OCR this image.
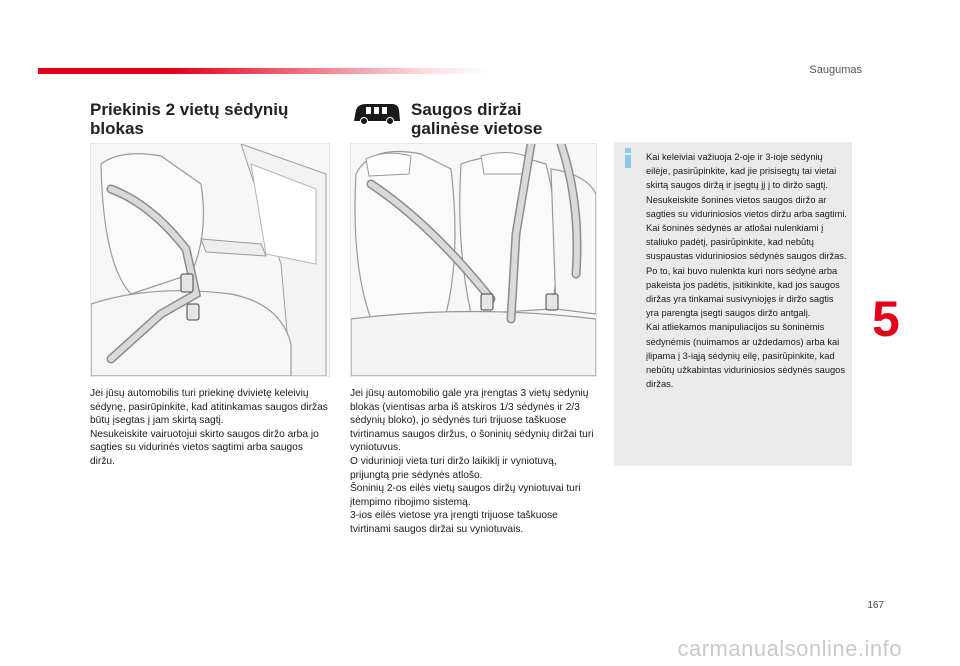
Saugumas
Priekinis 2 vietų sėdynių
blokas

Jei jūsų automobilis turi priekinę dvivietę keleivių sėdynę, pasirūpinkite, kad atitinkamas saugos diržas būtų įsegtas į jam skirtą sagtį.

Nesukeiskite vairuotojui skirto saugos diržo arba jo sagties su vidurinės vietos sagtimi arba saugos diržu.

Saugos diržai
galinėse vietose

Jei jūsų automobilio gale yra įrengtas 3 vietų sėdynių blokas (vientisas arba iš atskiros 1/3 sėdynės ir 2/3 sėdynių bloko), jo sėdynės turi trijuose taškuose tvirtinamus saugos diržus, o šoninių sėdynių diržai turi vyniotuvus.

O vidurinioji vieta turi diržo laikiklį ir vyniotuvą, prijungtą prie sėdynės atlošo.

Šoninių 2-os eilės vietų saugos diržų vyniotuvai turi įtempimo ribojimo sistemą.

3-ios eilės vietose yra įrengti trijuose taškuose tvirtinami saugos diržai su vyniotuvais.

Kai keleiviai važiuoja 2-oje ir 3-ioje sėdynių eilėje, pasirūpinkite, kad jie prisisegtų tai vietai skirtą saugos diržą ir įsegtų jį į to diržo sagtį.

Nesukeiskite šoninės vietos saugos diržo ar sagties su viduriniosios vietos diržu arba sagtimi.

Kai šoninės sėdynės ar atlošai nulenkiami į staliuko padėtį, pasirūpinkite, kad nebūtų suspaustas viduriniosios sėdynės saugos diržas.

Po to, kai buvo nulenkta kuri nors sėdynė arba pakeista jos padėtis, įsitikinkite, kad jos saugos diržas yra tinkamai susivyniojęs ir diržo sagtis yra parengta įsegti saugos diržo antgalį.

Kai atliekamos manipuliacijos su šoninėmis sėdynėmis (nuimamos ar uždedamos) arba kai įlipama į 3-iąją sėdynių eilę, pasirūpinkite, kad nebūtų užkabintas viduriniosios sėdynės saugos diržas.

5
167
carmanualsonline.info
